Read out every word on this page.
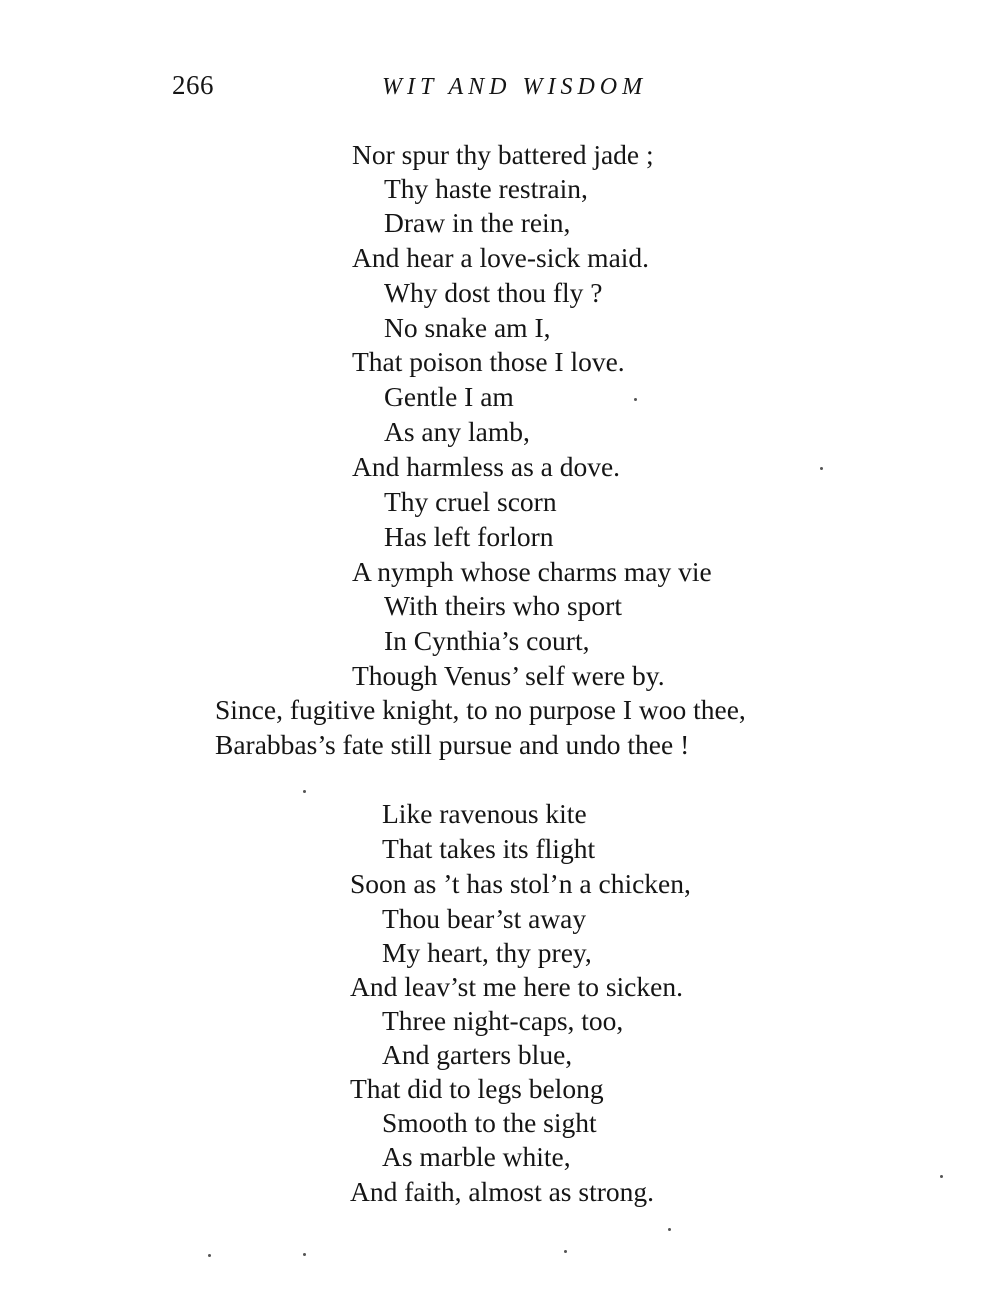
266	WIT AND WISDOM
Nor spur thy battered jade ;
Thy haste restrain,
Draw in the rein,
And hear a love-sick maid.
Why dost thou fly ?
No snake am I,
That poison those I love.
Gentle I am
As any lamb,
And harmless as a dove.
Thy cruel scorn
Has left forlorn
A nymph whose charms may vie
With theirs who sport
In Cynthia’s court,
Though Venus’ self were by.
Since, fugitive knight, to no purpose I woo thee,
Barabbas’s fate still pursue and undo thee !
Like ravenous kite
That takes its flight
Soon as ’t has stol’n a chicken,
Thou bear’st away
My heart, thy prey,
And leav’st me here to sicken.
Three night-caps, too,
And garters blue,
That did to legs belong
Smooth to the sight
As marble white,
And faith, almost as strong.
